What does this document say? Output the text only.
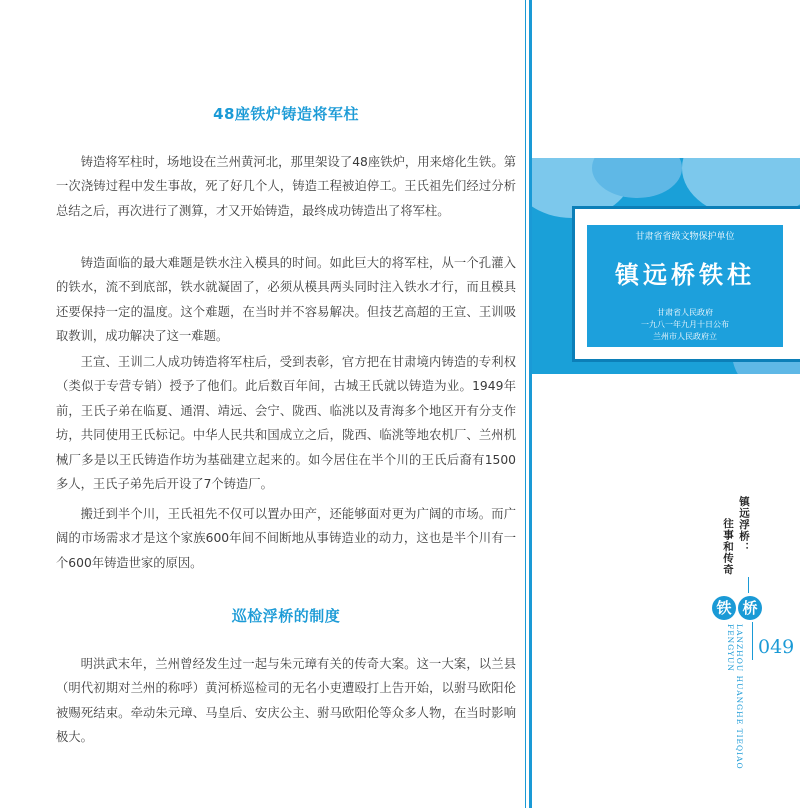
48座铁炉铸造将军柱

铸造将军柱时，场地设在兰州黄河北，那里架设了48座铁炉，用来熔化生铁。第一次浇铸过程中发生事故，死了好几个人，铸造工程被迫停工。王氏祖先们经过分析总结之后，再次进行了测算，才又开始铸造，最终成功铸造出了将军柱。

铸造面临的最大难题是铁水注入模具的时间。如此巨大的将军柱，从一个孔灌入的铁水，流不到底部，铁水就凝固了，必须从模具两头同时注入铁水才行，而且模具还要保持一定的温度。这个难题，在当时并不容易解决。但技艺高超的王宣、王训吸取教训，成功解决了这一难题。

王宣、王训二人成功铸造将军柱后，受到表彰，官方把在甘肃境内铸造的专利权（类似于专营专销）授予了他们。此后数百年间，古城王氏就以铸造为业。1949年前，王氏子弟在临夏、通渭、靖远、会宁、陇西、临洮以及青海多个地区开有分支作坊，共同使用王氏标记。中华人民共和国成立之后，陇西、临洮等地农机厂、兰州机械厂多是以王氏铸造作坊为基础建立起来的。如今居住在半个川的王氏后裔有1500多人，王氏子弟先后开设了7个铸造厂。

搬迁到半个川，王氏祖先不仅可以置办田产，还能够面对更为广阔的市场。而广阔的市场需求才是这个家族600年间不间断地从事铸造业的动力，这也是半个川有一个600年铸造世家的原因。

巡检浮桥的制度

明洪武末年，兰州曾经发生过一起与朱元璋有关的传奇大案。这一大案，以兰县（明代初期对兰州的称呼）黄河桥巡检司的无名小吏遭殴打上告开始，以驸马欧阳伦被赐死结束。牵动朱元璋、马皇后、安庆公主、驸马欧阳伦等众多人物，在当时影响极大。

甘肃省省级文物保护单位
镇远桥铁柱
甘肃省人民政府
一九八一年九月十日公布
兰州市人民政府立
镇远浮桥：
往事和传奇
铁 桥
LANZHOU HUANGHE TIEQIAO FENGYUN	049
